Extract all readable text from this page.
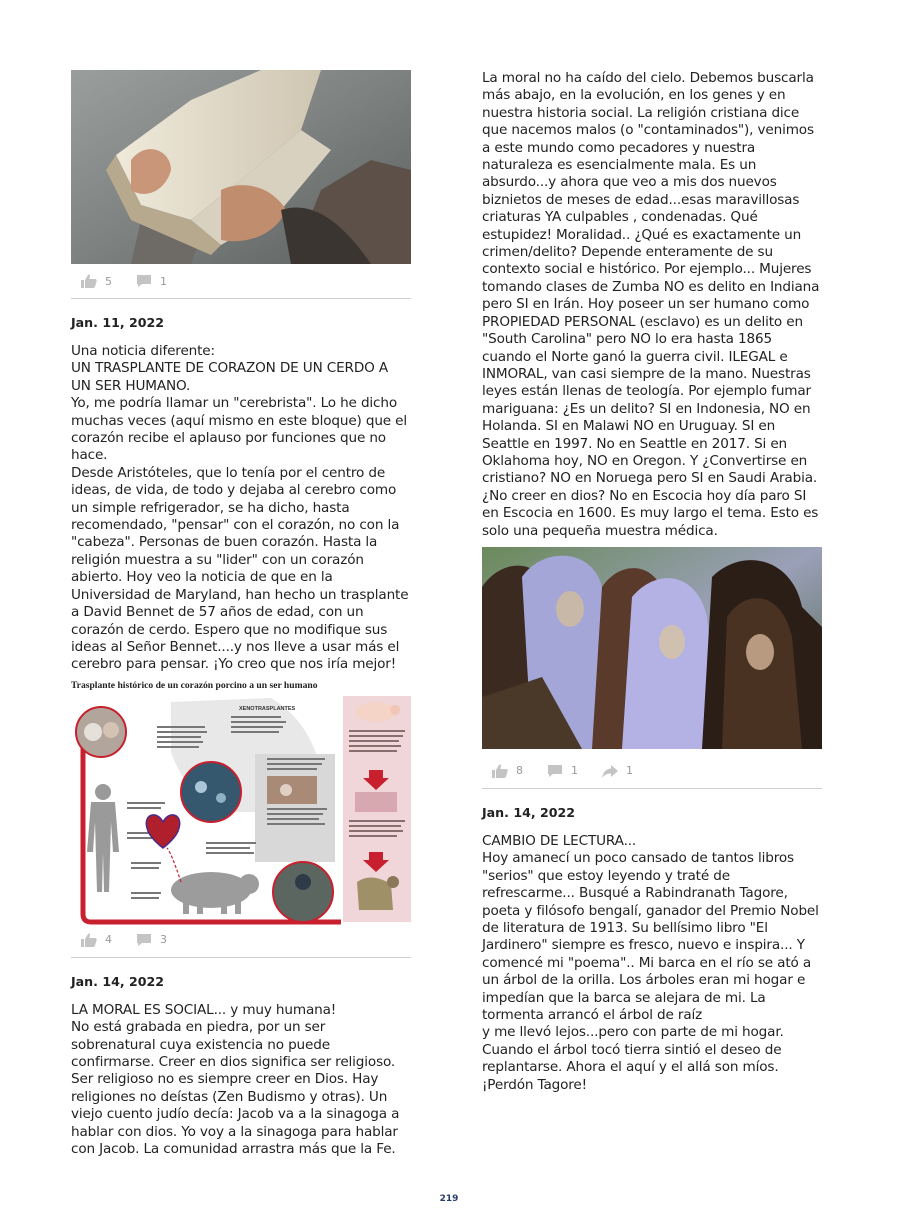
5	1

Jan. 11, 2022

Una noticia diferente:
UN TRASPLANTE DE CORAZON DE UN CERDO A UN SER HUMANO.
Yo, me podría llamar un "cerebrista". Lo he dicho muchas veces (aquí mismo en este bloque) que el corazón recibe el aplauso por funciones que no hace.
Desde Aristóteles, que lo tenía por el centro de ideas, de vida, de todo y dejaba al cerebro como un simple refrigerador, se ha dicho, hasta recomendado, "pensar" con el corazón, no con la "cabeza". Personas de buen corazón. Hasta la religión muestra a su "lider" con un corazón abierto. Hoy veo la noticia de que en la Universidad de Maryland, han hecho un trasplante a David Bennet de 57 años de edad, con un corazón de cerdo. Espero que no modifique sus ideas al Señor Bennet....y nos lleve a usar más el cerebro para pensar. ¡Yo creo que nos iría mejor!

Trasplante histórico de un corazón porcino a un ser humano
XENOTRASPLANTES
4	3

Jan. 14, 2022

LA MORAL ES SOCIAL... y muy humana!
No está grabada en piedra, por un ser sobrenatural cuya existencia no puede confirmarse. Creer en dios significa ser religioso. Ser religioso no es siempre creer en Dios. Hay religiones no deístas (Zen Budismo y otras). Un viejo cuento judío decía: Jacob va a la sinagoga a hablar con dios. Yo voy a la sinagoga para hablar con Jacob. La comunidad arrastra más que la Fe.

La moral no ha caído del cielo. Debemos buscarla más abajo, en la evolución, en los genes y en nuestra historia social. La religión cristiana dice que nacemos malos (o "contaminados"), venimos a este mundo como pecadores y nuestra naturaleza es esencialmente mala. Es un absurdo...y ahora que veo a mis dos nuevos biznietos de meses de edad...esas maravillosas criaturas YA culpables , condenadas. Qué estupidez! Moralidad.. ¿Qué es exactamente un crimen/delito? Depende enteramente de su contexto social e histórico. Por ejemplo... Mujeres tomando clases de Zumba NO es delito en Indiana pero SI en Irán. Hoy poseer un ser humano como PROPIEDAD PERSONAL (esclavo) es un delito en "South Carolina" pero NO lo era hasta 1865 cuando el Norte ganó la guerra civil. ILEGAL e INMORAL, van casi siempre de la mano. Nuestras leyes están llenas de teología. Por ejemplo fumar mariguana: ¿Es un delito? SI en Indonesia, NO en Holanda. SI en Malawi NO en Uruguay. SI en Seattle en 1997. No en Seattle en 2017. Si en Oklahoma hoy, NO en Oregon. Y ¿Convertirse en cristiano? NO en Noruega pero SI en Saudi Arabia. ¿No creer en dios? No en Escocia hoy día paro SI en Escocia en 1600. Es muy largo el tema. Esto es solo una pequeña muestra médica.

8	1	1

Jan. 14, 2022

CAMBIO DE LECTURA...
Hoy amanecí un poco cansado de tantos libros "serios" que estoy leyendo y traté de refrescarme... Busqué a Rabindranath Tagore, poeta y filósofo bengalí, ganador del Premio Nobel de literatura de 1913. Su bellísimo libro "El Jardinero" siempre es fresco, nuevo e inspira... Y comencé mi "poema".. Mi barca en el río se ató a un árbol de la orilla. Los árboles eran mi hogar e impedían que la barca se alejara de mi. La tormenta arrancó el árbol de raíz
y me llevó lejos...pero con parte de mi hogar. Cuando el árbol tocó tierra sintió el deseo de replantarse. Ahora el aquí y el allá son míos. ¡Perdón Tagore!

219
